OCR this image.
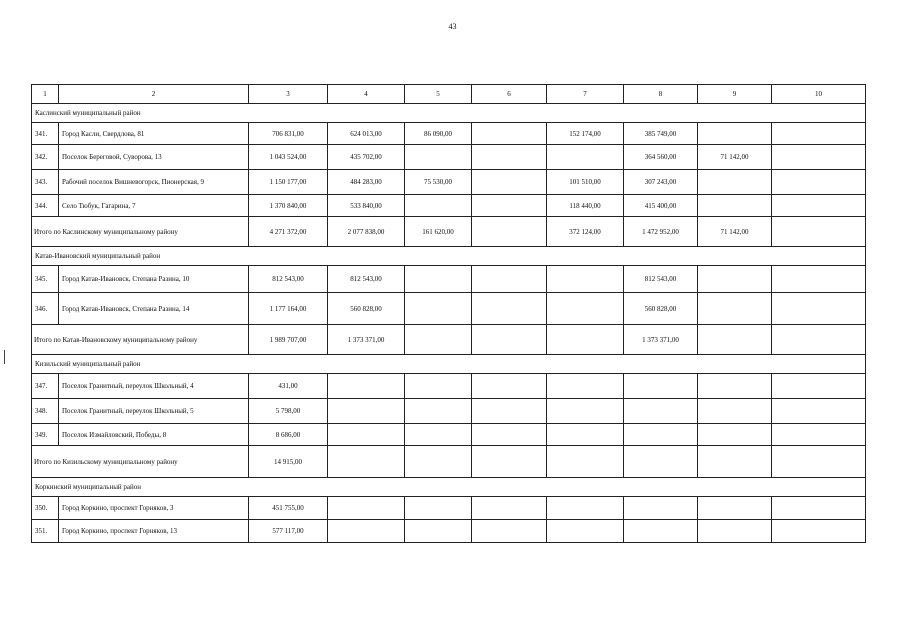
43
1	2	3	4	5	6	7	8	9	10
Каслинский муниципальный район									
341.	Город Касли, Свердлова, 81	706 831,00	624 013,00	86 090,00		152 174,00	385 749,00		
342.	Поселок Береговой, Суворова, 13	1 043 524,00	435 702,00				364 560,00	71 142,00	
343.	Рабочий поселок Вишневогорск, Пионерская, 9	1 150 177,00	484 283,00	75 530,00		101 510,00	307 243,00		
344.	Село Тюбук, Гагарина, 7	1 370 840,00	533 840,00			118 440,00	415 400,00		
Итого по Каслинскому муниципальному району		4 271 372,00	2 077 838,00	161 620,00		372 124,00	1 472 952,00	71 142,00	
Катав-Ивановский муниципальный район									
345.	Город Катав-Ивановск, Степана Разина, 10	812 543,00	812 543,00				812 543,00		
346.	Город Катав-Ивановск, Степана Разина, 14	1 177 164,00	560 828,00				560 828,00		
Итого по Катав-Ивановскому муниципальному району		1 989 707,00	1 373 371,00				1 373 371,00		
Кизильский муниципальный район									
347.	Поселок Гранитный, переулок Школьный, 4	431,00							
348.	Поселок Гранитный, переулок Школьный, 5	5 798,00							
349.	Поселок Измайловский, Победы, 8	8 686,00							
Итого по Кизильскому муниципальному району		14 915,00							
Коркинский муниципальный район									
350.	Город Коркино, проспект Горняков, 3	451 755,00							
351.	Город Коркино, проспект Горняков, 13	577 117,00							
